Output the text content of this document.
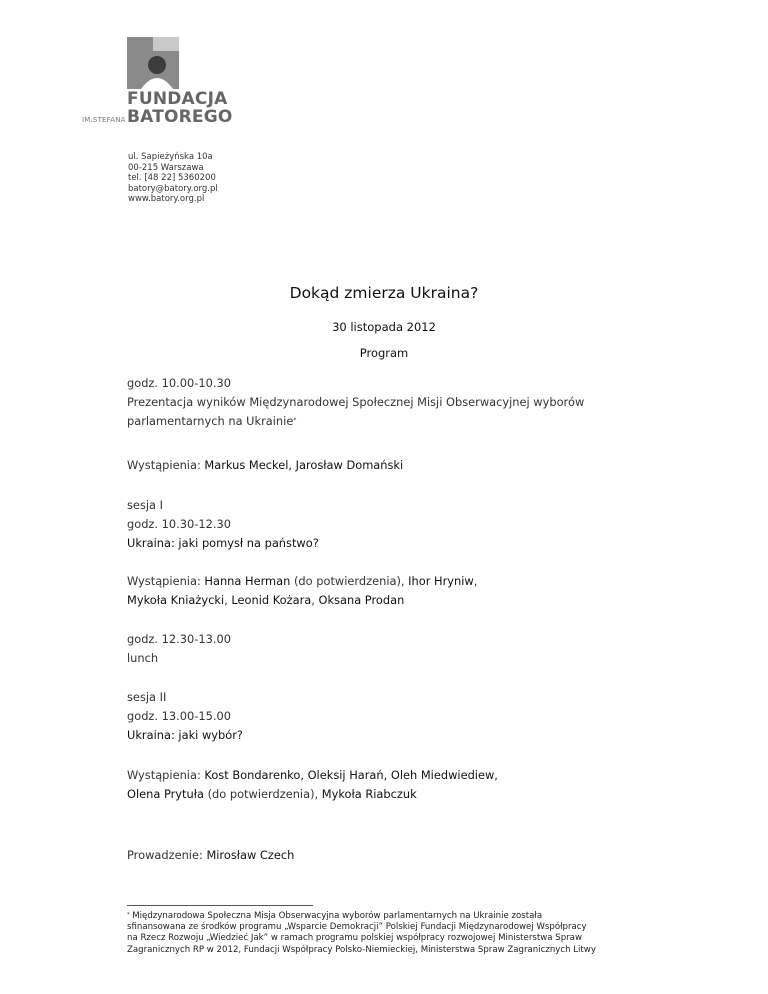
FUNDACJA
BATOREGO
IM.STEFANA
ul. Sapieżyńska 10a
00-215 Warszawa
tel. [48 22] 5360200
batory@batory.org.pl
www.batory.org.pl
Dokąd zmierza Ukraina?
30 listopada 2012
Program
godz. 10.00-10.30
Prezentacja wyników Międzynarodowej Społecznej Misji Obserwacyjnej wyborów
parlamentarnych na Ukrainie*
Wystąpienia: Markus Meckel, Jarosław Domański
sesja I
godz. 10.30-12.30
Ukraina: jaki pomysł na państwo?
Wystąpienia: Hanna Herman (do potwierdzenia), Ihor Hryniw,
Mykoła Kniażycki, Leonid Kożara, Oksana Prodan
godz. 12.30-13.00
lunch
sesja II
godz. 13.00-15.00
Ukraina: jaki wybór?
Wystąpienia: Kost Bondarenko, Oleksij Harań, Oleh Miedwiediew,
Olena Prytuła (do potwierdzenia), Mykoła Riabczuk
Prowadzenie: Mirosław Czech
* Międzynarodowa Społeczna Misja Obserwacyjna wyborów parlamentarnych na Ukrainie została
sfinansowana ze środków programu „Wsparcie Demokracji” Polskiej Fundacji Międzynarodowej Współpracy
na Rzecz Rozwoju „Wiedzieć Jak” w ramach programu polskiej współpracy rozwojowej Ministerstwa Spraw
Zagranicznych RP w 2012, Fundacji Współpracy Polsko-Niemieckiej, Ministerstwa Spraw Zagranicznych Litwy
